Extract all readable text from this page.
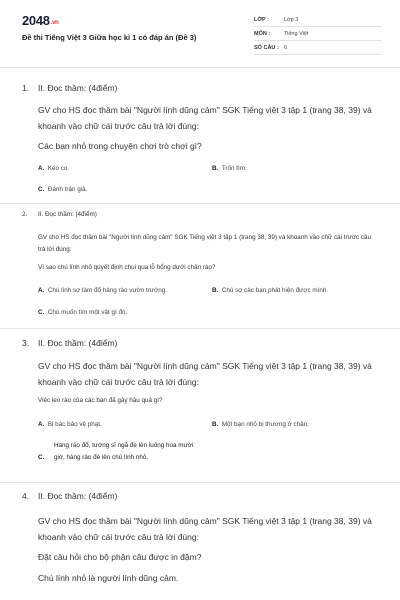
2048.vn
Đề thi Tiếng Việt 3 Giữa học kì 1 có đáp án (Đề 3)
LỚP :	Lớp 3
MÔN :	Tiếng Việt
SỐ CÂU : 6
1. II. Đọc thầm: (4điểm)
GV cho HS đọc thầm bài "Người lính dũng cảm" SGK Tiếng việt 3 tập 1 (trang 38, 39) và khoanh vào chữ cái trước câu trả lời đúng:
Các bạn nhỏ trong chuyện chơi trò chơi gì?
A. Kéo co.	B. Trốn tìm.
C. Đánh trận giả.
2. II. Đọc thầm: (4điểm)
GV cho HS đọc thầm bài "Người lính dũng cảm" SGK Tiếng việt 3 tập 1 (trang 38, 39) và khoanh vào chữ cái trước câu trả lời đúng:
Vì sao chú lính nhỏ quyết định chui qua lỗ hổng dưới chân rào?
A. Chú lính sợ làm đổ hàng rào vườn trường.	B. Chú sợ các bạn phát hiện được mình.
C. Chú muốn tìm một vật gì đó.
3. II. Đọc thầm: (4điểm)
GV cho HS đọc thầm bài "Người lính dũng cảm" SGK Tiếng việt 3 tập 1 (trang 38, 39) và khoanh vào chữ cái trước câu trả lời đúng:
Việc leo rào của các bạn đã gây hậu quả gì?
A. Bị bác bảo vệ phạt.	B. Một bạn nhỏ bị thương ở chân.
C.
Hàng rào đổ, tướng sĩ ngã đè lên luống hoa mười giờ, hàng rào đè lên chú lính nhỏ.
4. II. Đọc thầm: (4điểm)
GV cho HS đọc thầm bài "Người lính dũng cảm" SGK Tiếng việt 3 tập 1 (trang 38, 39) và khoanh vào chữ cái trước câu trả lời đúng:
Đặt câu hỏi cho bộ phận câu được in đậm?
Chú lính nhỏ là người lính dũng cảm.
